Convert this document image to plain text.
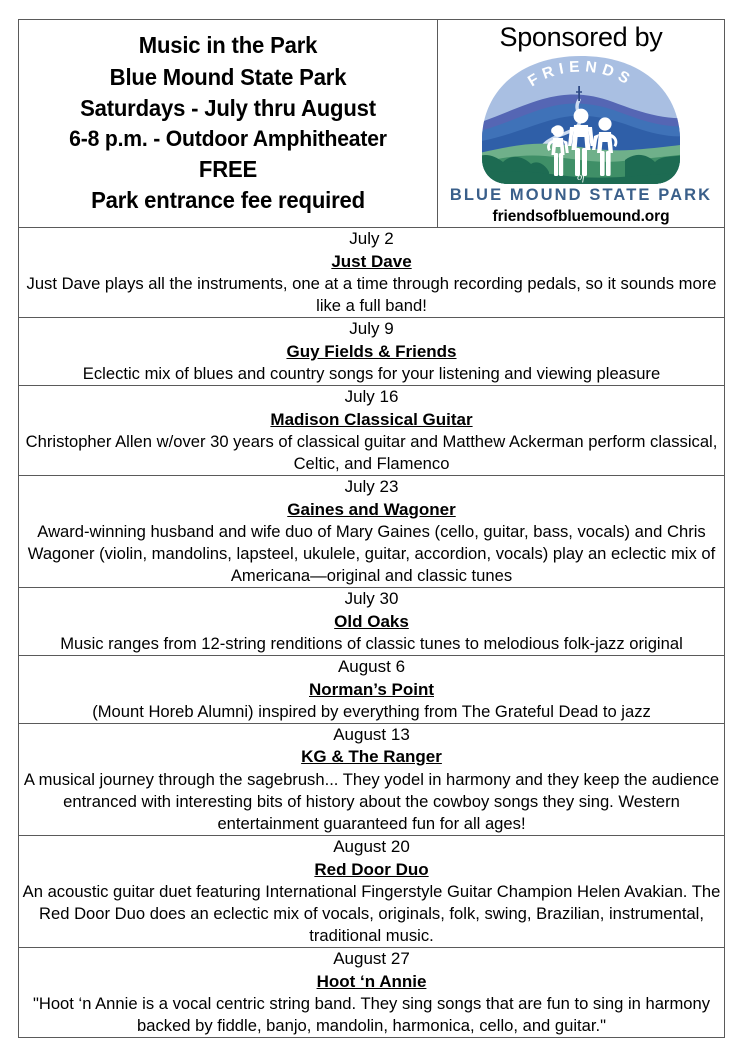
Music in the Park
Blue Mound State Park
Saturdays - July thru August
6-8 p.m. - Outdoor Amphitheater
FREE
Park entrance fee required

Sponsored by
FRIENDS
of
BLUE MOUND STATE PARK
friendsofbluemound.org

July 2
Just Dave
Just Dave plays all the instruments, one at a time through recording pedals, so it sounds more like a full band!

July 9
Guy Fields & Friends
Eclectic mix of blues and country songs for your listening and viewing pleasure

July 16
Madison Classical Guitar
Christopher Allen w/over 30 years of classical guitar and Matthew Ackerman perform classical, Celtic, and Flamenco

July 23
Gaines and Wagoner
Award-winning husband and wife duo of Mary Gaines (cello, guitar, bass, vocals) and Chris Wagoner (violin, mandolins, lapsteel, ukulele, guitar, accordion, vocals) play an eclectic mix of Americana—original and classic tunes

July 30
Old Oaks
Music ranges from 12-string renditions of classic tunes to melodious folk-jazz original

August 6
Norman’s Point
(Mount Horeb Alumni) inspired by everything from The Grateful Dead to jazz

August 13
KG & The Ranger
A musical journey through the sagebrush... They yodel in harmony and they keep the audience entranced with interesting bits of history about the cowboy songs they sing. Western entertainment guaranteed fun for all ages!

August 20
Red Door Duo
An acoustic guitar duet featuring International Fingerstyle Guitar Champion Helen Avakian. The Red Door Duo does an eclectic mix of vocals, originals, folk, swing, Brazilian, instrumental, traditional music.

August 27
Hoot ‘n Annie
"Hoot ‘n Annie is a vocal centric string band. They sing songs that are fun to sing in harmony backed by fiddle, banjo, mandolin, harmonica, cello, and guitar."
